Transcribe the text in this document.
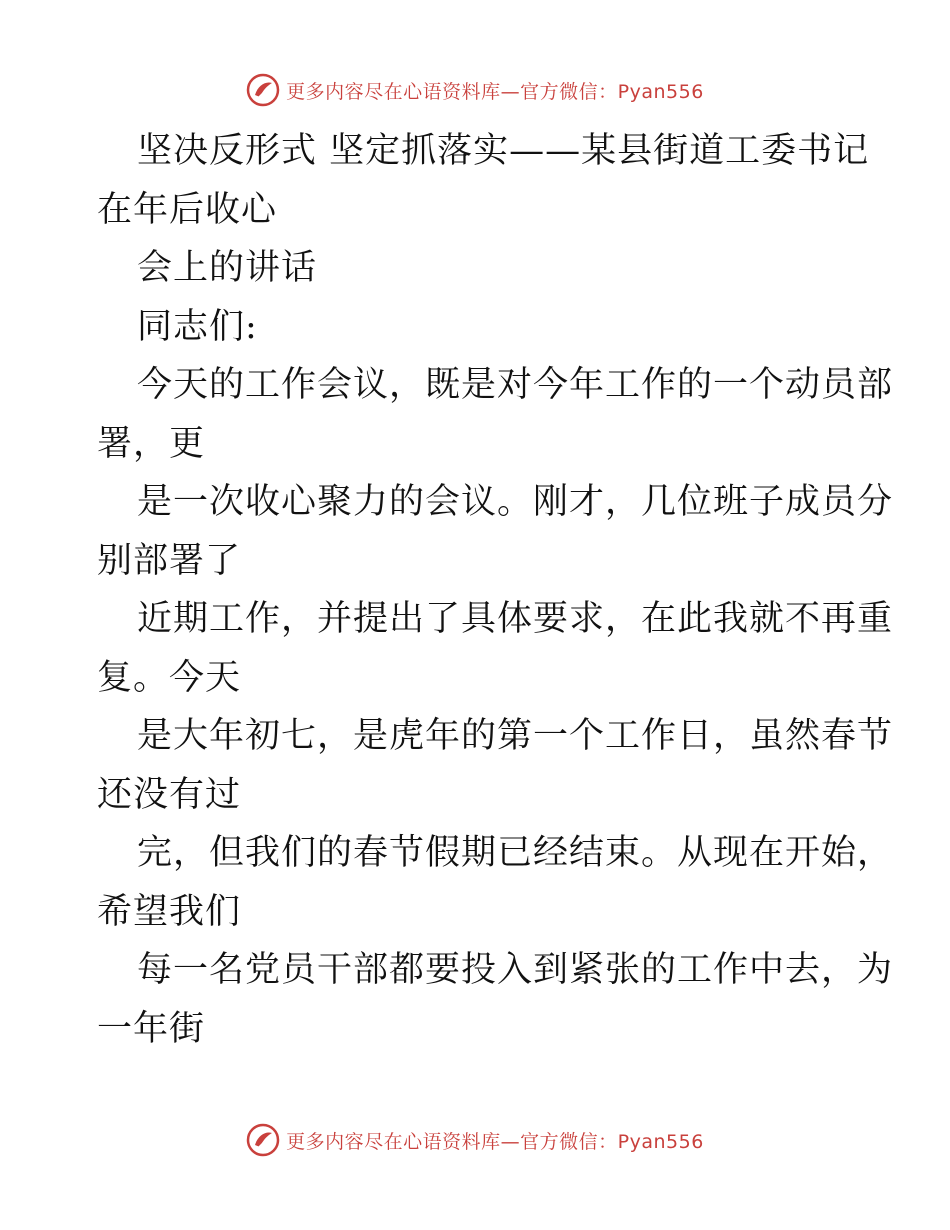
更多内容尽在心语资料库—官方微信：Pyan556
坚决反形式 坚定抓落实——某县街道工委书记
在年后收心
会上的讲话
同志们:
今天的工作会议，既是对今年工作的一个动员部
署，更
是一次收心聚力的会议。刚才，几位班子成员分
别部署了
近期工作，并提出了具体要求，在此我就不再重
复。今天
是大年初七，是虎年的第一个工作日，虽然春节
还没有过
完，但我们的春节假期已经结束。从现在开始，
希望我们
每一名党员干部都要投入到紧张的工作中去，为
一年街
更多内容尽在心语资料库—官方微信：Pyan556
